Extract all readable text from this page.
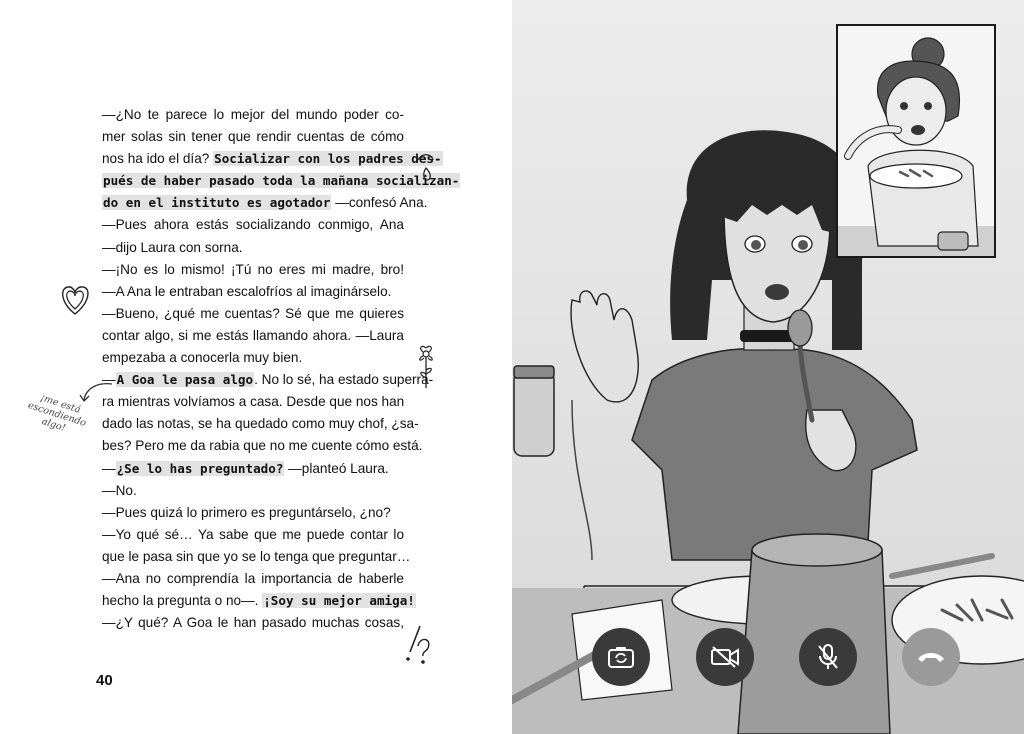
—¿No te parece lo mejor del mundo poder co-
mer solas sin tener que rendir cuentas de cómo
nos ha ido el día? Socializar con los padres des-
pués de haber pasado toda la mañana socializan-
do en el instituto es agotador —confesó Ana.
—Pues ahora estás socializando conmigo, Ana
—dijo Laura con sorna.
—¡No es lo mismo! ¡Tú no eres mi madre, bro!
—A Ana le entraban escalofríos al imaginárselo.
—Bueno, ¿qué me cuentas? Sé que me quieres
contar algo, si me estás llamando ahora. —Laura
empezaba a conocerla muy bien.
—A Goa le pasa algo. No lo sé, ha estado superra-
ra mientras volvíamos a casa. Desde que nos han
dado las notas, se ha quedado como muy chof, ¿sa-
bes? Pero me da rabia que no me cuente cómo está.
—¿Se lo has preguntado? —planteó Laura.
—No.
—Pues quizá lo primero es preguntárselo, ¿no?
—Yo qué sé… Ya sabe que me puede contar lo
que le pasa sin que yo se lo tenga que preguntar…
—Ana no comprendía la importancia de haberle
hecho la pregunta o no—. ¡Soy su mejor amiga!
—¿Y qué? A Goa le han pasado muchas cosas,
40
¡me está escondiendo algo!
